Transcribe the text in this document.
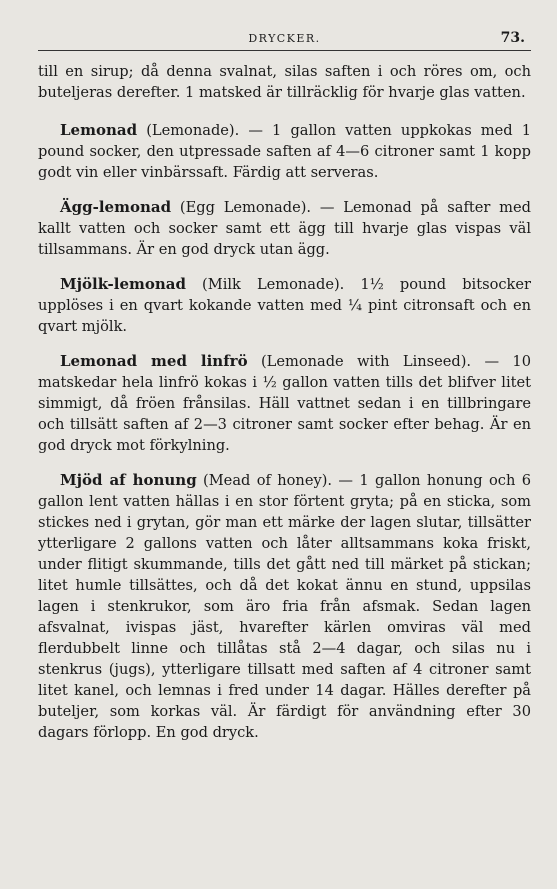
DRYCKER.	73.

till en sirup; då denna svalnat, silas saften i och röres om, och buteljeras derefter. 1 matsked är tillräcklig för hvarje glas vatten.

Lemonad (Lemonade). — 1 gallon vatten uppkokas med 1 pound socker, den utpressade saften af 4—6 citroner samt 1 kopp godt vin eller vinbärssaft. Färdig att serveras.

Ägg-lemonad (Egg Lemonade). — Lemonad på safter med kallt vatten och socker samt ett ägg till hvarje glas vispas väl tillsammans. Är en god dryck utan ägg.

Mjölk-lemonad (Milk Lemonade). 1½ pound bitsocker upplöses i en qvart kokande vatten med ¼ pint citronsaft och en qvart mjölk.

Lemonad med linfrö (Lemonade with Linseed). — 10 matskedar hela linfrö kokas i ½ gallon vatten tills det blifver litet simmigt, då fröen frånsilas. Häll vattnet sedan i en tillbringare och tillsätt saften af 2—3 citroner samt socker efter behag. Är en god dryck mot förkylning.

Mjöd af honung (Mead of honey). — 1 gallon honung och 6 gallon lent vatten hällas i en stor förtent gryta; på en sticka, som stickes ned i grytan, gör man ett märke der lagen slutar, tillsätter ytterligare 2 gallons vatten och låter alltsammans koka friskt, under flitigt skummande, tills det gått ned till märket på stickan; litet humle tillsättes, och då det kokat ännu en stund, uppsilas lagen i stenkrukor, som äro fria från afsmak. Sedan lagen afsvalnat, ivispas jäst, hvarefter kärlen omviras väl med flerdubbelt linne och tillåtas stå 2—4 dagar, och silas nu i stenkrus (jugs), ytterligare tillsatt med saften af 4 citroner samt litet kanel, och lemnas i fred under 14 dagar. Hälles derefter på buteljer, som korkas väl. Är färdigt för användning efter 30 dagars förlopp. En god dryck.
